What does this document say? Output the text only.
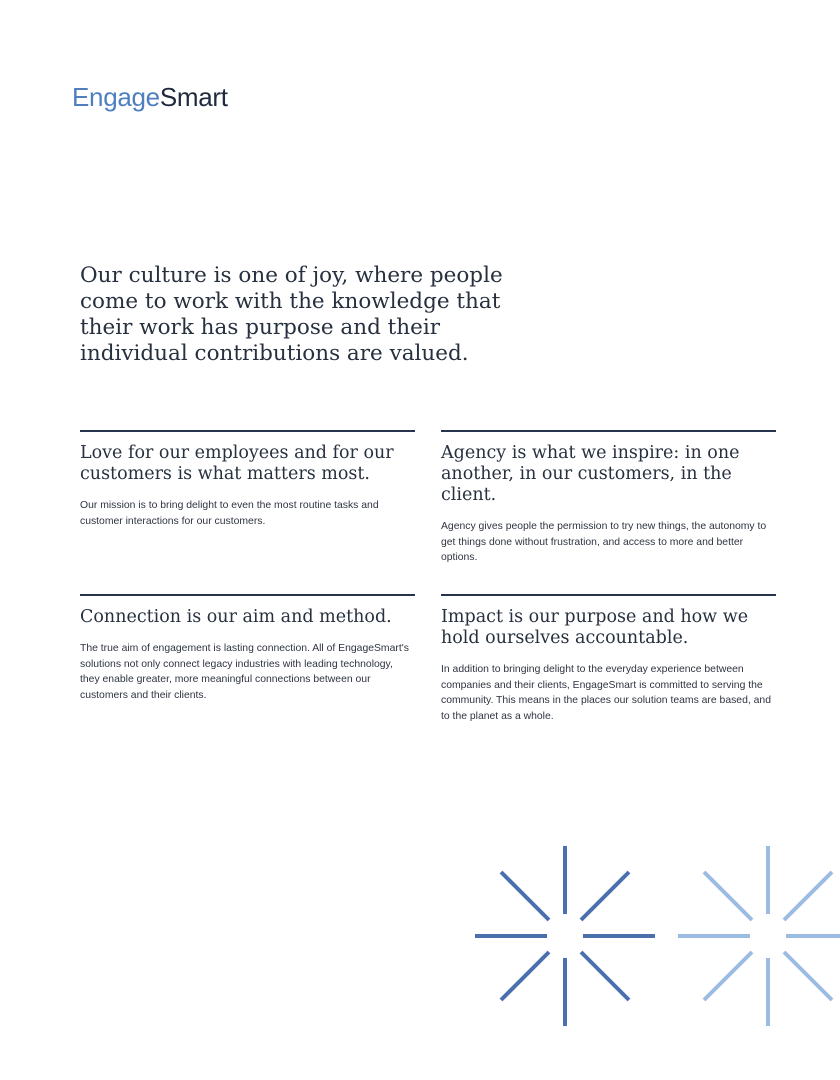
EngageSmart

Our culture is one of joy, where people come to work with the knowledge that their work has purpose and their individual contributions are valued.

Love for our employees and for our customers is what matters most.

Our mission is to bring delight to even the most routine tasks and customer interactions for our customers.

Agency is what we inspire: in one another, in our customers, in the client.

Agency gives people the permission to try new things, the autonomy to get things done without frustration, and access to more and better options.

Connection is our aim and method.

The true aim of engagement is lasting connection. All of EngageSmart's solutions not only connect legacy industries with leading technology, they enable greater, more meaningful connections between our customers and their clients.

Impact is our purpose and how we hold ourselves accountable.

In addition to bringing delight to the everyday experience between companies and their clients, EngageSmart is committed to serving the community. This means in the places our solution teams are based, and to the planet as a whole.
